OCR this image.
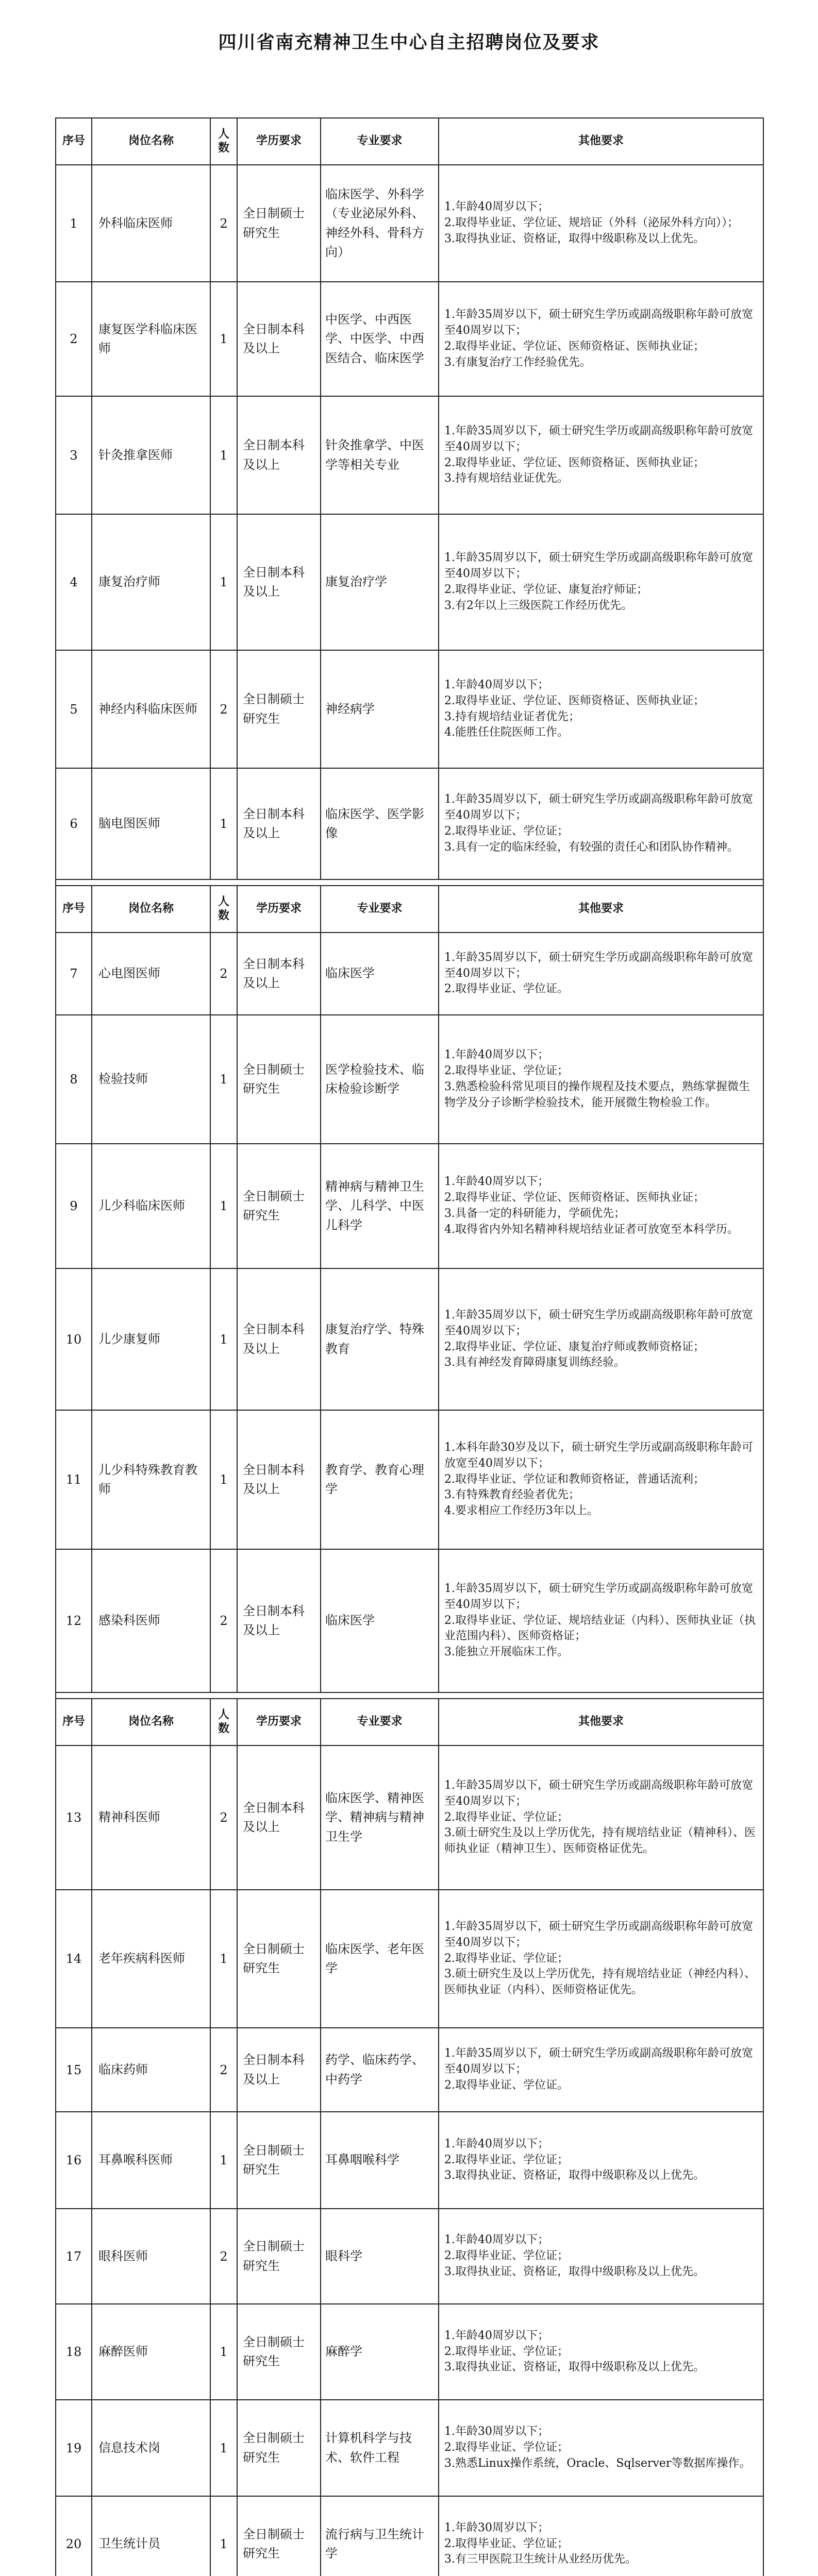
四川省南充精神卫生中心自主招聘岗位及要求
序号	岗位名称	人数	学历要求	专业要求	其他要求
1	外科临床医师	2	全日制硕士研究生	临床医学、外科学（专业泌尿外科、神经外科、骨科方向）	1.年龄40周岁以下；
2.取得毕业证、学位证、规培证（外科（泌尿外科方向））；
3.取得执业证、资格证，取得中级职称及以上优先。

2	康复医学科临床医师	1	全日制本科及以上	中医学、中西医学、中医学、中西医结合、临床医学	1.年龄35周岁以下，硕士研究生学历或副高级职称年龄可放宽至40周岁以下；
2.取得毕业证、学位证、医师资格证、医师执业证；
3.有康复治疗工作经验优先。

3	针灸推拿医师	1	全日制本科及以上	针灸推拿学、中医学等相关专业	1.年龄35周岁以下，硕士研究生学历或副高级职称年龄可放宽至40周岁以下；
2.取得毕业证、学位证、医师资格证、医师执业证；
3.持有规培结业证优先。

4	康复治疗师	1	全日制本科及以上	康复治疗学	1.年龄35周岁以下，硕士研究生学历或副高级职称年龄可放宽至40周岁以下；
2.取得毕业证、学位证、康复治疗师证；
3.有2年以上三级医院工作经历优先。

5	神经内科临床医师	2	全日制硕士研究生	神经病学	1.年龄40周岁以下；
2.取得毕业证、学位证、医师资格证、医师执业证；
3.持有规培结业证者优先；
4.能胜任住院医师工作。

6	脑电图医师	1	全日制本科及以上	临床医学、医学影像	1.年龄35周岁以下，硕士研究生学历或副高级职称年龄可放宽至40周岁以下；
2.取得毕业证、学位证；
3.具有一定的临床经验，有较强的责任心和团队协作精神。

序号	岗位名称	人数	学历要求	专业要求	其他要求
7	心电图医师	2	全日制本科及以上	临床医学	1.年龄35周岁以下，硕士研究生学历或副高级职称年龄可放宽至40周岁以下；
2.取得毕业证、学位证。

8	检验技师	1	全日制硕士研究生	医学检验技术、临床检验诊断学	1.年龄40周岁以下；
2.取得毕业证、学位证；
3.熟悉检验科常见项目的操作规程及技术要点，熟练掌握微生物学及分子诊断学检验技术，能开展微生物检验工作。

9	儿少科临床医师	1	全日制硕士研究生	精神病与精神卫生学、儿科学、中医儿科学	1.年龄40周岁以下；
2.取得毕业证、学位证、医师资格证、医师执业证；
3.具备一定的科研能力，学硕优先；
4.取得省内外知名精神科规培结业证者可放宽至本科学历。

10	儿少康复师	1	全日制本科及以上	康复治疗学、特殊教育	1.年龄35周岁以下，硕士研究生学历或副高级职称年龄可放宽至40周岁以下；
2.取得毕业证、学位证、康复治疗师或教师资格证；
3.具有神经发育障碍康复训练经验。

11	儿少科特殊教育教师	1	全日制本科及以上	教育学、教育心理学	1.本科年龄30岁及以下，硕士研究生学历或副高级职称年龄可放宽至40周岁以下；
2.取得毕业证、学位证和教师资格证，普通话流利；
3.有特殊教育经验者优先；
4.要求相应工作经历3年以上。

12	感染科医师	2	全日制本科及以上	临床医学	1.年龄35周岁以下，硕士研究生学历或副高级职称年龄可放宽至40周岁以下；
2.取得毕业证、学位证、规培结业证（内科）、医师执业证（执业范围内科）、医师资格证；
3.能独立开展临床工作。

序号	岗位名称	人数	学历要求	专业要求	其他要求
13	精神科医师	2	全日制本科及以上	临床医学、精神医学、精神病与精神卫生学	1.年龄35周岁以下，硕士研究生学历或副高级职称年龄可放宽至40周岁以下；
2.取得毕业证、学位证；
3.硕士研究生及以上学历优先，持有规培结业证（精神科）、医师执业证（精神卫生）、医师资格证优先。

14	老年疾病科医师	1	全日制硕士研究生	临床医学、老年医学	1.年龄35周岁以下，硕士研究生学历或副高级职称年龄可放宽至40周岁以下；
2.取得毕业证、学位证；
3.硕士研究生及以上学历优先，持有规培结业证（神经内科）、医师执业证（内科）、医师资格证优先。

15	临床药师	2	全日制本科及以上	药学、临床药学、中药学	1.年龄35周岁以下，硕士研究生学历或副高级职称年龄可放宽至40周岁以下；
2.取得毕业证、学位证。

16	耳鼻喉科医师	1	全日制硕士研究生	耳鼻咽喉科学	1.年龄40周岁以下；
2.取得毕业证、学位证；
3.取得执业证、资格证，取得中级职称及以上优先。

17	眼科医师	2	全日制硕士研究生	眼科学	1.年龄40周岁以下；
2.取得毕业证、学位证；
3.取得执业证、资格证，取得中级职称及以上优先。

18	麻醉医师	1	全日制硕士研究生	麻醉学	1.年龄40周岁以下；
2.取得毕业证、学位证；
3.取得执业证、资格证，取得中级职称及以上优先。

19	信息技术岗	1	全日制硕士研究生	计算机科学与技术、软件工程	1.年龄30周岁以下；
2.取得毕业证、学位证；
3.熟悉Linux操作系统，Oracle、Sqlserver等数据库操作。

20	卫生统计员	1	全日制硕士研究生	流行病与卫生统计学	1.年龄30周岁以下；
2.取得毕业证、学位证；
3.有三甲医院卫生统计从业经历优先。
